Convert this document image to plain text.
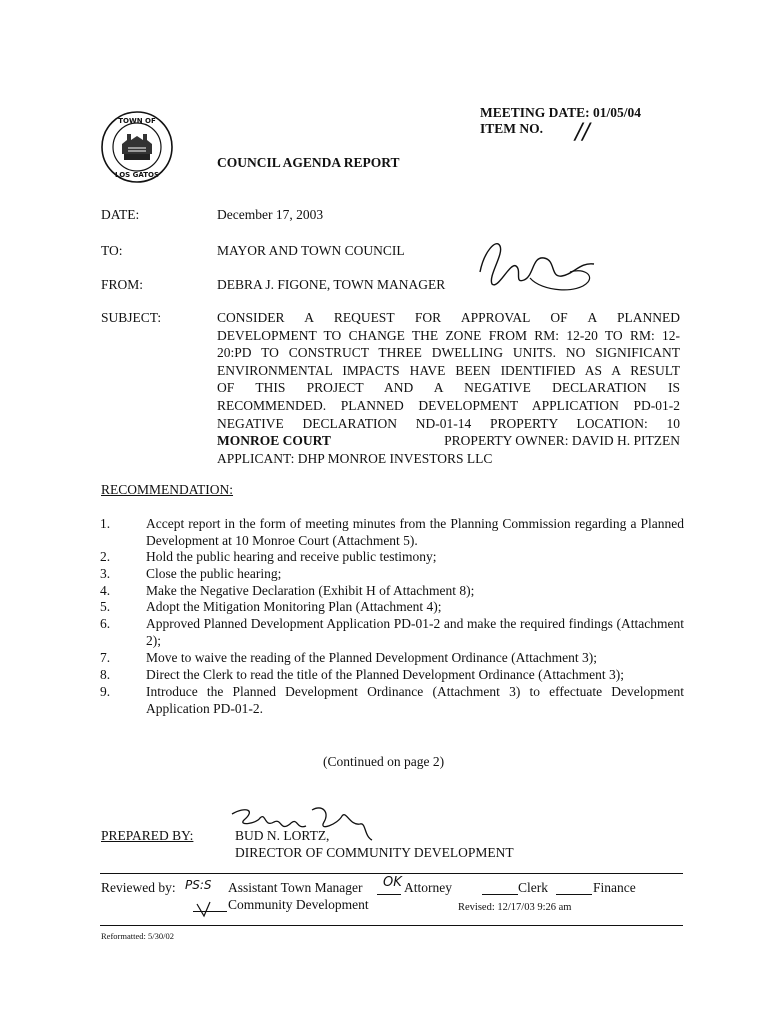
TOWN OF
LOS GATOS
MEETING DATE: 01/05/04
ITEM NO. //
COUNCIL AGENDA REPORT
DATE:	December 17, 2003
TO:	MAYOR AND TOWN COUNCIL
FROM:	DEBRA J. FIGONE, TOWN MANAGER
SUBJECT:	CONSIDER A REQUEST FOR APPROVAL OF A PLANNED
DEVELOPMENT TO CHANGE THE ZONE FROM RM: 12-20 TO RM: 12-
20:PD TO CONSTRUCT THREE DWELLING UNITS. NO SIGNIFICANT
ENVIRONMENTAL IMPACTS HAVE BEEN IDENTIFIED AS A RESULT
OF THIS PROJECT AND A NEGATIVE DECLARATION IS
RECOMMENDED. PLANNED DEVELOPMENT APPLICATION PD-01-2
NEGATIVE DECLARATION ND-01-14 PROPERTY LOCATION: 10
MONROE COURT	PROPERTY OWNER: DAVID H. PITZEN
APPLICANT: DHP MONROE INVESTORS LLC
RECOMMENDATION:
1.	Accept report in the form of meeting minutes from the Planning Commission regarding a Planned Development at 10 Monroe Court (Attachment 5).
2.	Hold the public hearing and receive public testimony;
3.	Close the public hearing;
4.	Make the Negative Declaration (Exhibit H of Attachment 8);
5.	Adopt the Mitigation Monitoring Plan (Attachment 4);
6.	Approved Planned Development Application PD-01-2 and make the required findings (Attachment 2);
7.	Move to waive the reading of the Planned Development Ordinance (Attachment 3);
8.	Direct the Clerk to read the title of the Planned Development Ordinance (Attachment 3);
9.	Introduce the Planned Development Ordinance (Attachment 3) to effectuate Development Application PD-01-2.
(Continued on page 2)
PREPARED BY:	BUD N. LORTZ,
DIRECTOR OF COMMUNITY DEVELOPMENT
Reviewed by: PS:S Assistant Town Manager OK Attorney	Clerk	Finance
Community Development	Revised: 12/17/03 9:26 am
Reformatted: 5/30/02
